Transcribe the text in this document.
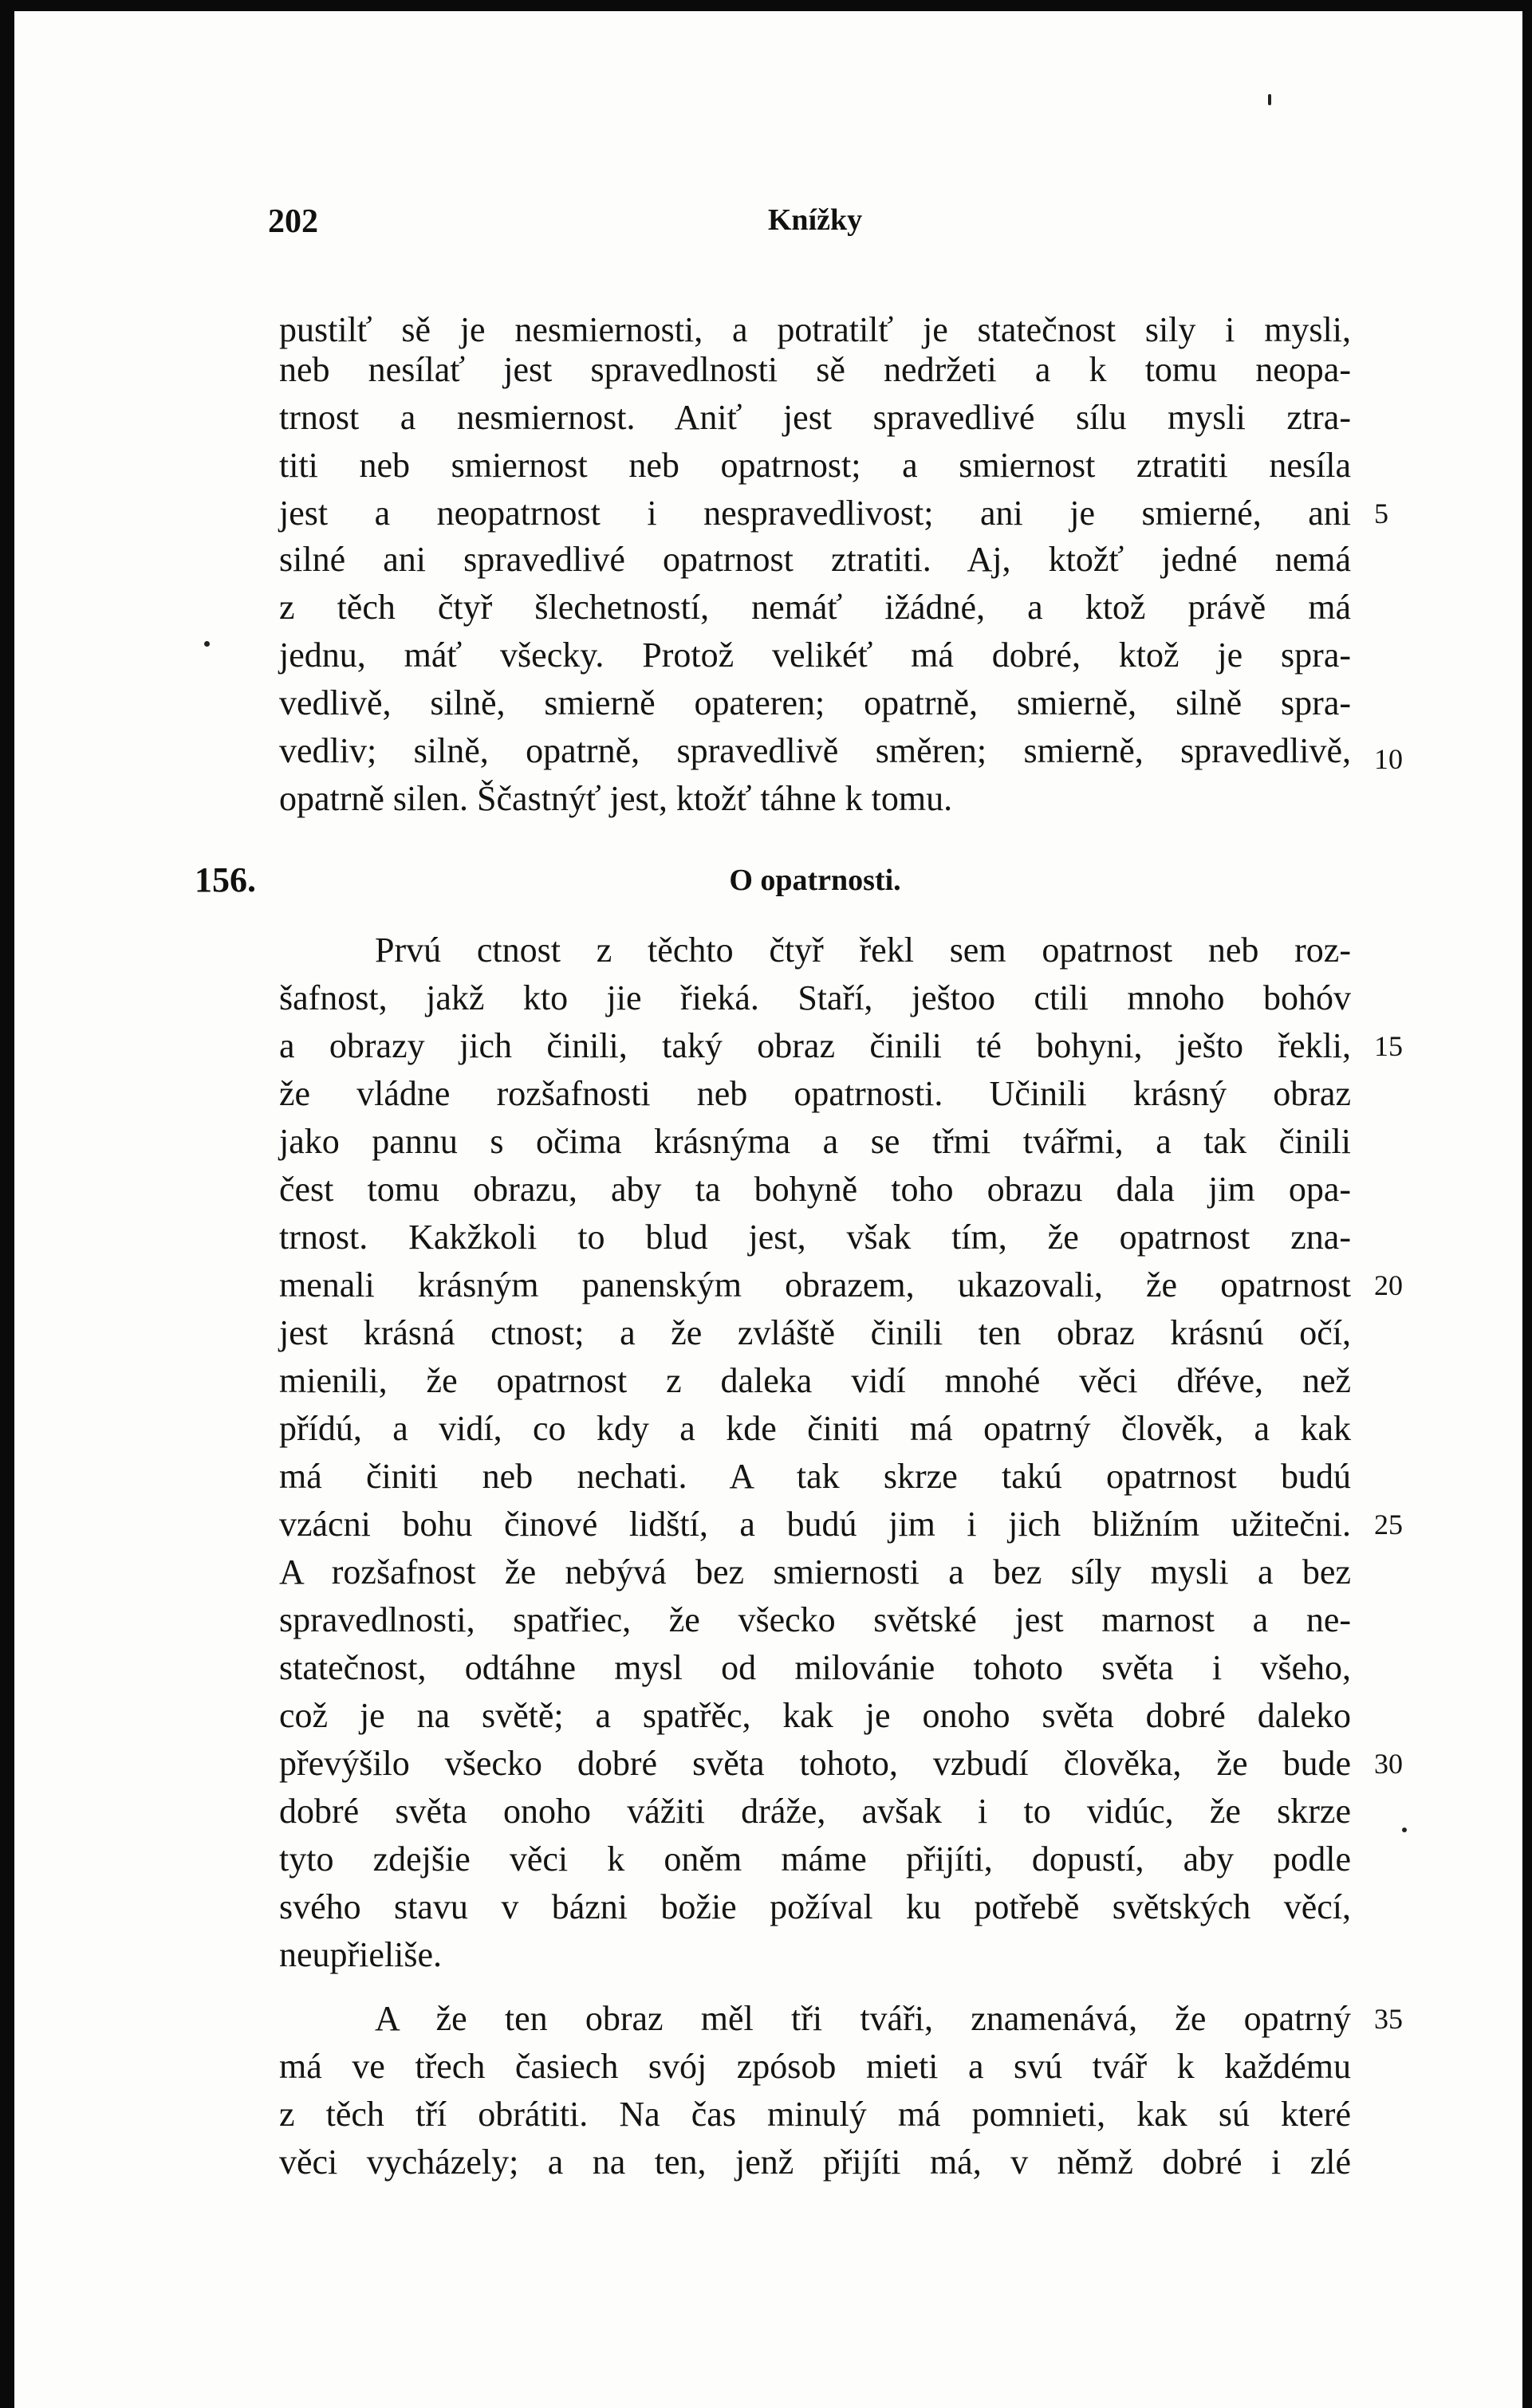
202	Knížky
pustilť sě je nesmiernosti, a potratilť je statečnost sily i mysli,
neb nesílať jest spravedlnosti sě nedržeti a k tomu neopa-
trnost a nesmiernost. Aniť jest spravedlivé sílu mysli ztra-
titi neb smiernost neb opatrnost; a smiernost ztratiti nesíla
jest a neopatrnost i nespravedlivost; ani je smierné, ani
silné ani spravedlivé opatrnost ztratiti. Aj, ktožť jedné nemá
z těch čtyř šlechetností, nemáť ižádné, a ktož právě má
jednu, máť všecky. Protož velikéť má dobré, ktož je spra-
vedlivě, silně, smierně opateren; opatrně, smierně, silně spra-
vedliv; silně, opatrně, spravedlivě směren; smierně, spravedlivě,
opatrně silen. Ščastnýť jest, ktožť táhne k tomu.
156.	O opatrnosti.
Prvú ctnost z těchto čtyř řekl sem opatrnost neb roz-
šafnost, jakž kto jie řieká. Staří, ještoo ctili mnoho bohóv
a obrazy jich činili, taký obraz činili té bohyni, ješto řekli,
že vládne rozšafnosti neb opatrnosti. Učinili krásný obraz
jako pannu s očima krásnýma a se třmi tvářmi, a tak činili
čest tomu obrazu, aby ta bohyně toho obrazu dala jim opa-
trnost. Kakžkoli to blud jest, však tím, že opatrnost zna-
menali krásným panenským obrazem, ukazovali, že opatrnost
jest krásná ctnost; a že zvláště činili ten obraz krásnú očí,
mienili, že opatrnost z daleka vidí mnohé věci dřéve, než
přídú, a vidí, co kdy a kde činiti má opatrný člověk, a kak
má činiti neb nechati. A tak skrze takú opatrnost budú
vzácni bohu činové lidští, a budú jim i jich bližním užitečni.
A rozšafnost že nebývá bez smiernosti a bez síly mysli a bez
spravedlnosti, spatřiec, že všecko světské jest marnost a ne-
statečnost, odtáhne mysl od milovánie tohoto světa i všeho,
což je na světě; a spatřěc, kak je onoho světa dobré daleko
převýšilo všecko dobré světa tohoto, vzbudí člověka, že bude
dobré světa onoho vážiti dráže, avšak i to vidúc, že skrze
tyto zdejšie věci k oněm máme přijíti, dopustí, aby podle
svého stavu v bázni božie požíval ku potřebě světských věcí,
neupřieliše.
A že ten obraz měl tři tváři, znamenává, že opatrný
má ve třech časiech svój zpósob mieti a svú tvář k každému
z těch tří obrátiti. Na čas minulý má pomnieti, kak sú které
věci vycházely; a na ten, jenž přijíti má, v němž dobré i zlé
5
10
15
20
25
30
35
